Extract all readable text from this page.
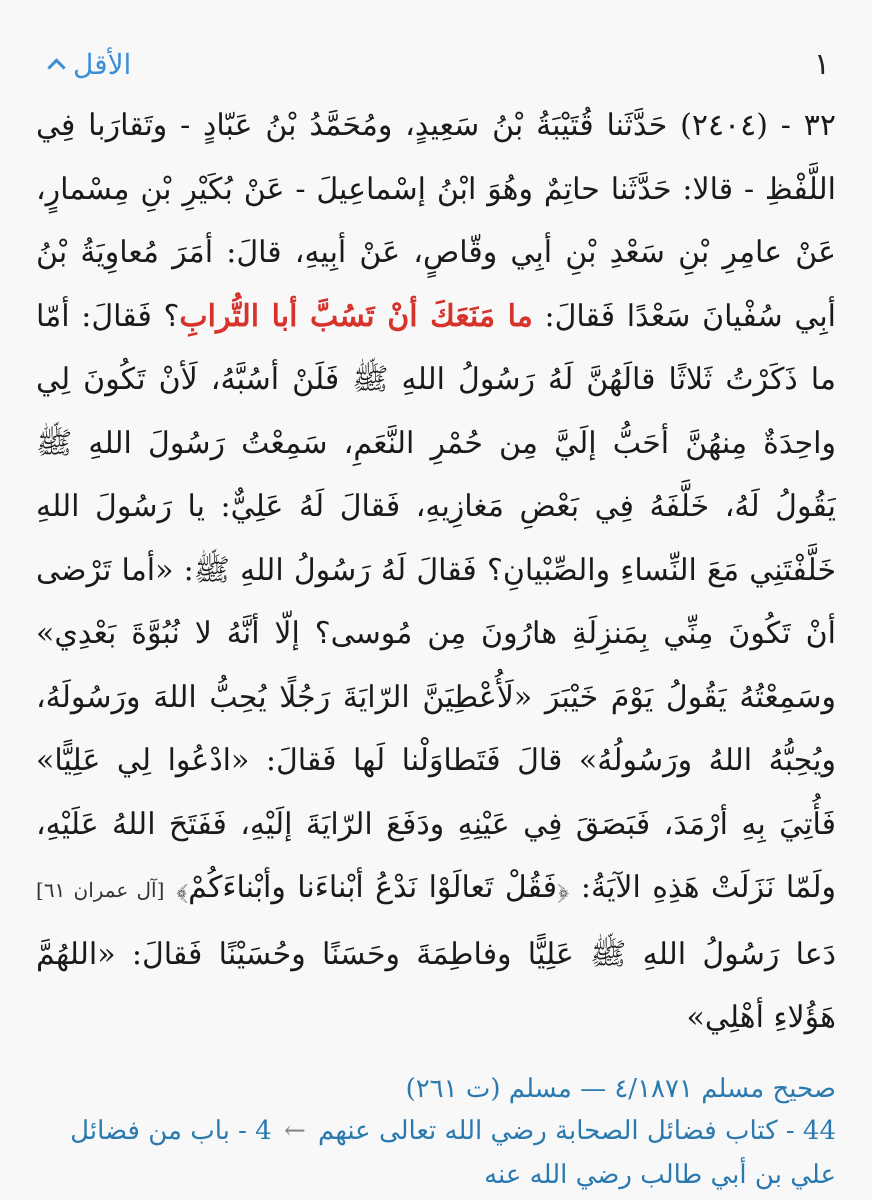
١
الأقل
٣٢ - (٢٤٠٤) حَدَّثَنا قُتَيْبَةُ بْنُ سَعِيدٍ، ومُحَمَّدُ بْنُ عَبّادٍ - وتَقارَبا فِي اللَّفْظِ - قالا: حَدَّثَنا حاتِمٌ وهُوَ ابْنُ إسْماعِيلَ - عَنْ بُكَيْرِ بْنِ مِسْمارٍ، عَنْ عامِرِ بْنِ سَعْدِ بْنِ أبِي وقّاصٍ، عَنْ أبِيهِ، قالَ: أمَرَ مُعاوِيَةُ بْنُ أبِي سُفْيانَ سَعْدًا فَقالَ: ما مَنَعَكَ أنْ تَسُبَّ أبا التُّرابِ؟ فَقالَ: أمّا ما ذَكَرْتُ ثَلاثًا قالَهُنَّ لَهُ رَسُولُ اللهِ ﷺ فَلَنْ أسُبَّهُ، لَأنْ تَكُونَ لِي واحِدَةٌ مِنهُنَّ أحَبُّ إلَيَّ مِن حُمْرِ النَّعَمِ، سَمِعْتُ رَسُولَ اللهِ ﷺ يَقُولُ لَهُ، خَلَّفَهُ فِي بَعْضِ مَغازِيهِ، فَقالَ لَهُ عَلِيٌّ: يا رَسُولَ اللهِ خَلَّفْتَنِي مَعَ النِّساءِ والصِّبْيانِ؟ فَقالَ لَهُ رَسُولُ اللهِ ﷺ: «أما تَرْضى أنْ تَكُونَ مِنِّي بِمَنزِلَةِ هارُونَ مِن مُوسى؟ إلّا أنَّهُ لا نُبُوَّةَ بَعْدِي» وسَمِعْتُهُ يَقُولُ يَوْمَ خَيْبَرَ «لَأُعْطِيَنَّ الرّايَةَ رَجُلًا يُحِبُّ اللهَ ورَسُولَهُ، ويُحِبُّهُ اللهُ ورَسُولُهُ» قالَ فَتَطاوَلْنا لَها فَقالَ: «ادْعُوا لِي عَلِيًّا» فَأُتِيَ بِهِ أرْمَدَ، فَبَصَقَ فِي عَيْنِهِ ودَفَعَ الرّايَةَ إلَيْهِ، فَفَتَحَ اللهُ عَلَيْهِ، ولَمّا نَزَلَتْ هَذِهِ الآيَةُ: ﴿فَقُلْ تَعالَوْا نَدْعُ أبْناءَنا وأبْناءَكُمْ﴾ [آل عمران ٦١] دَعا رَسُولُ اللهِ ﷺ عَلِيًّا وفاطِمَةَ وحَسَنًا وحُسَيْنًا فَقالَ: «اللهُمَّ هَؤُلاءِ أهْلِي»
صحيح مسلم ٤/١٨٧١ — مسلم (ت ٢٦١)
44 - كتاب فضائل الصحابة رضي الله تعالى عنهم ← 4 - باب من فضائل علي بن أبي طالب رضي الله عنه
